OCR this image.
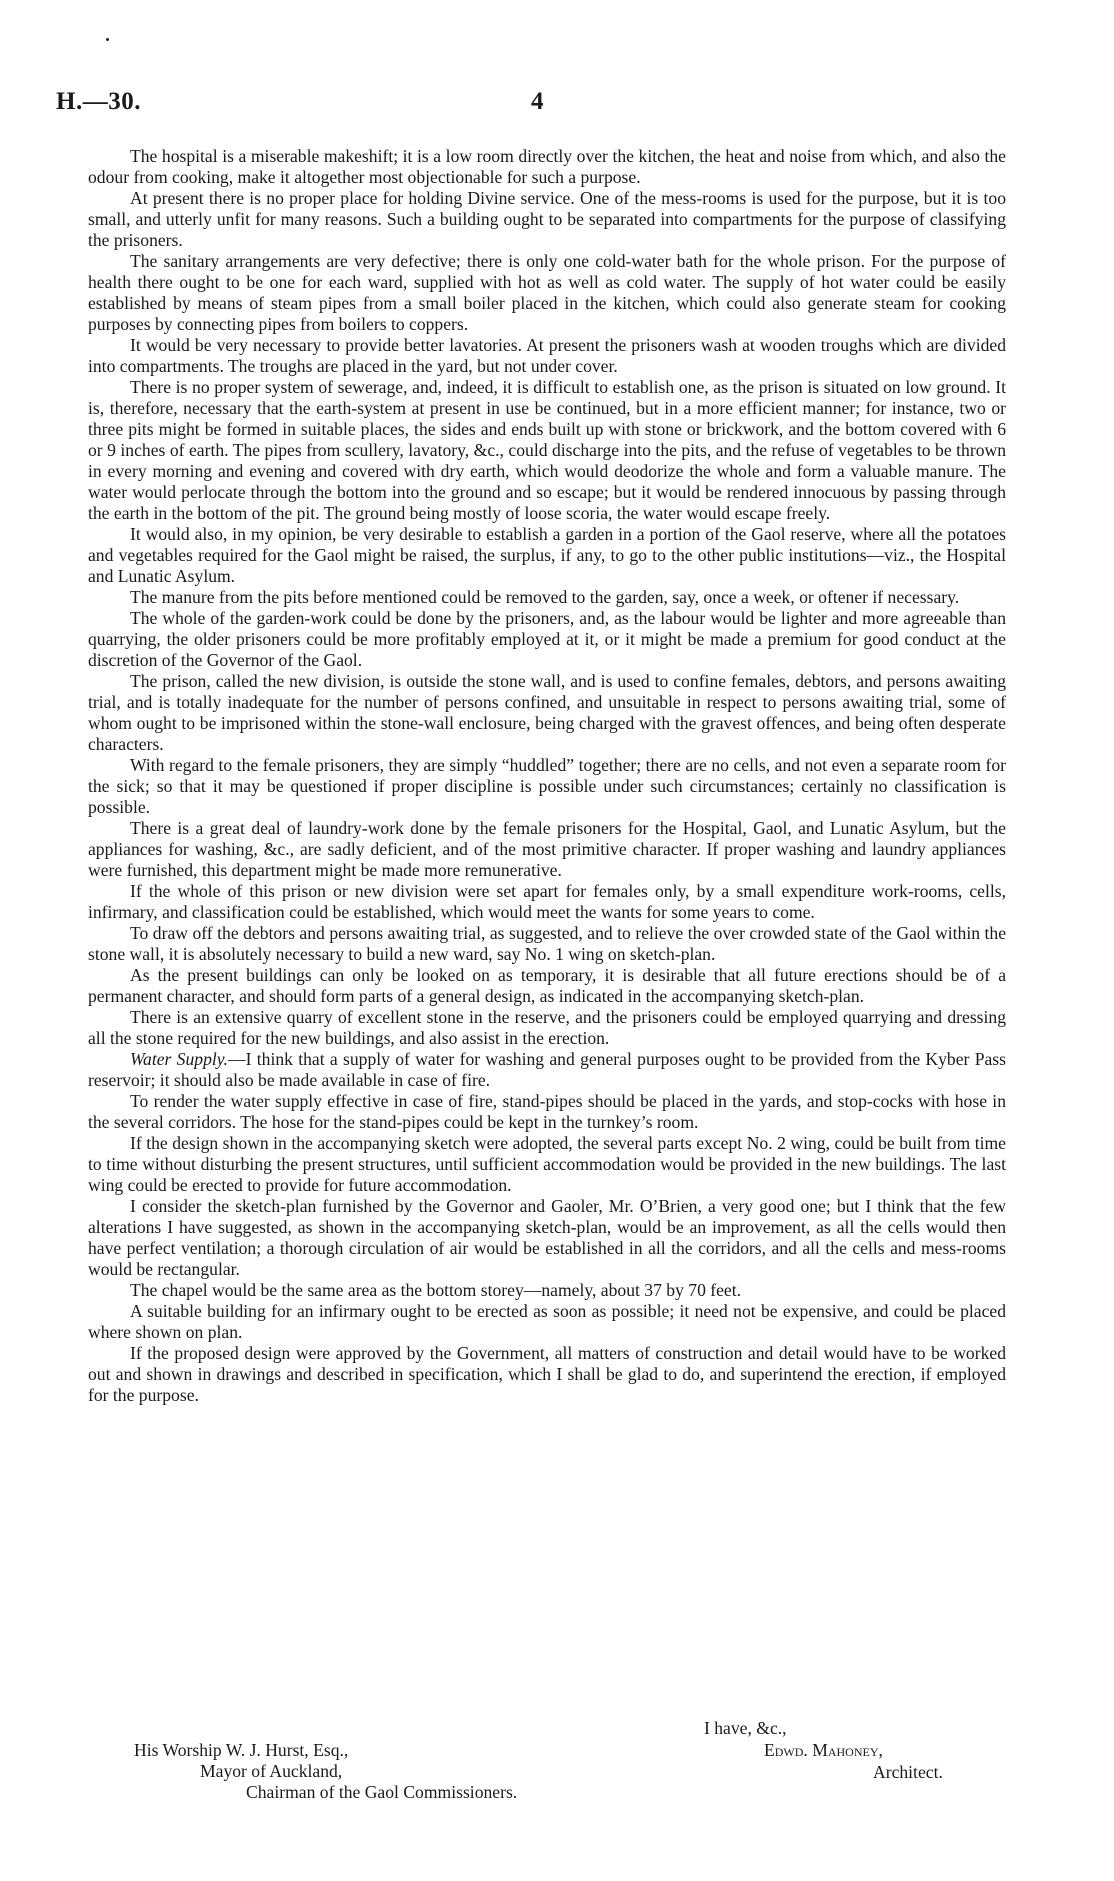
H.—30.	4

The hospital is a miserable makeshift; it is a low room directly over the kitchen, the heat and noise from which, and also the odour from cooking, make it altogether most objectionable for such a purpose.

At present there is no proper place for holding Divine service. One of the mess-rooms is used for the purpose, but it is too small, and utterly unfit for many reasons. Such a building ought to be separated into compartments for the purpose of classifying the prisoners.

The sanitary arrangements are very defective; there is only one cold-water bath for the whole prison. For the purpose of health there ought to be one for each ward, supplied with hot as well as cold water. The supply of hot water could be easily established by means of steam pipes from a small boiler placed in the kitchen, which could also generate steam for cooking purposes by connecting pipes from boilers to coppers.

It would be very necessary to provide better lavatories. At present the prisoners wash at wooden troughs which are divided into compartments. The troughs are placed in the yard, but not under cover.

There is no proper system of sewerage, and, indeed, it is difficult to establish one, as the prison is situated on low ground. It is, therefore, necessary that the earth-system at present in use be continued, but in a more efficient manner; for instance, two or three pits might be formed in suitable places, the sides and ends built up with stone or brickwork, and the bottom covered with 6 or 9 inches of earth. The pipes from scullery, lavatory, &c., could discharge into the pits, and the refuse of vegetables to be thrown in every morning and evening and covered with dry earth, which would deodorize the whole and form a valuable manure. The water would perlocate through the bottom into the ground and so escape; but it would be rendered innocuous by passing through the earth in the bottom of the pit. The ground being mostly of loose scoria, the water would escape freely.

It would also, in my opinion, be very desirable to establish a garden in a portion of the Gaol reserve, where all the potatoes and vegetables required for the Gaol might be raised, the surplus, if any, to go to the other public institutions—viz., the Hospital and Lunatic Asylum.

The manure from the pits before mentioned could be removed to the garden, say, once a week, or oftener if necessary.

The whole of the garden-work could be done by the prisoners, and, as the labour would be lighter and more agreeable than quarrying, the older prisoners could be more profitably employed at it, or it might be made a premium for good conduct at the discretion of the Governor of the Gaol.

The prison, called the new division, is outside the stone wall, and is used to confine females, debtors, and persons awaiting trial, and is totally inadequate for the number of persons confined, and unsuitable in respect to persons awaiting trial, some of whom ought to be imprisoned within the stone-wall enclosure, being charged with the gravest offences, and being often desperate characters.

With regard to the female prisoners, they are simply “huddled” together; there are no cells, and not even a separate room for the sick; so that it may be questioned if proper discipline is possible under such circumstances; certainly no classification is possible.

There is a great deal of laundry-work done by the female prisoners for the Hospital, Gaol, and Lunatic Asylum, but the appliances for washing, &c., are sadly deficient, and of the most primitive character. If proper washing and laundry appliances were furnished, this department might be made more remunerative.

If the whole of this prison or new division were set apart for females only, by a small expenditure work-rooms, cells, infirmary, and classification could be established, which would meet the wants for some years to come.

To draw off the debtors and persons awaiting trial, as suggested, and to relieve the over crowded state of the Gaol within the stone wall, it is absolutely necessary to build a new ward, say No. 1 wing on sketch-plan.

As the present buildings can only be looked on as temporary, it is desirable that all future erections should be of a permanent character, and should form parts of a general design, as indicated in the accompanying sketch-plan.

There is an extensive quarry of excellent stone in the reserve, and the prisoners could be employed quarrying and dressing all the stone required for the new buildings, and also assist in the erection.

Water Supply.—I think that a supply of water for washing and general purposes ought to be provided from the Kyber Pass reservoir; it should also be made available in case of fire.

To render the water supply effective in case of fire, stand-pipes should be placed in the yards, and stop-cocks with hose in the several corridors. The hose for the stand-pipes could be kept in the turnkey’s room.

If the design shown in the accompanying sketch were adopted, the several parts except No. 2 wing, could be built from time to time without disturbing the present structures, until sufficient accommodation would be provided in the new buildings. The last wing could be erected to provide for future accommodation.

I consider the sketch-plan furnished by the Governor and Gaoler, Mr. O’Brien, a very good one; but I think that the few alterations I have suggested, as shown in the accompanying sketch-plan, would be an improvement, as all the cells would then have perfect ventilation; a thorough circulation of air would be established in all the corridors, and all the cells and mess-rooms would be rectangular.

The chapel would be the same area as the bottom storey—namely, about 37 by 70 feet.

A suitable building for an infirmary ought to be erected as soon as possible; it need not be expensive, and could be placed where shown on plan.

If the proposed design were approved by the Government, all matters of construction and detail would have to be worked out and shown in drawings and described in specification, which I shall be glad to do, and superintend the erection, if employed for the purpose.

I have, &c.,
Edwd. Mahoney,
Architect.
His Worship W. J. Hurst, Esq.,
Mayor of Auckland,
Chairman of the Gaol Commissioners.
